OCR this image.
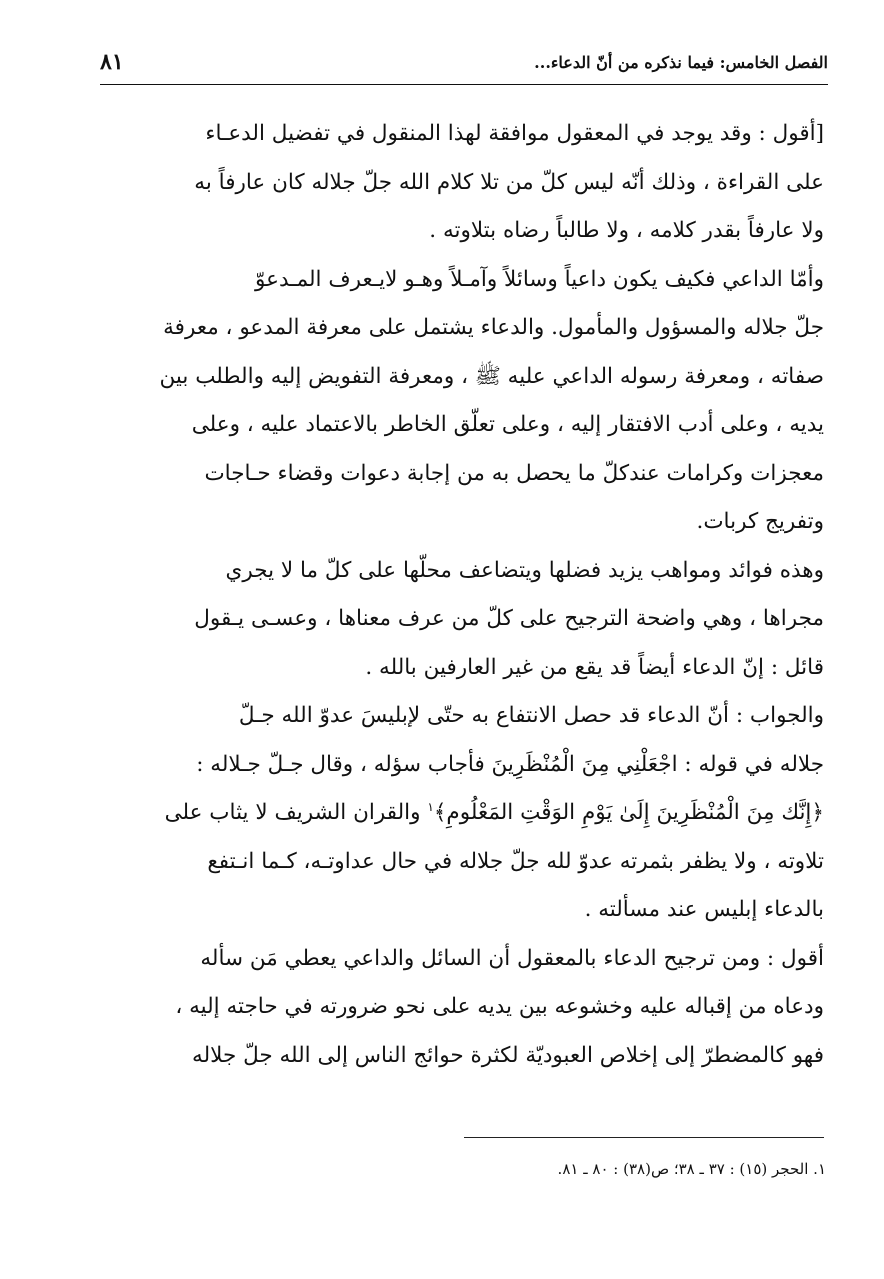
الفصل الخامس: فيما نذكره من أنّ الدعاء...
٨١
[أقول : وقد يوجد في المعقول موافقة لهذا المنقول في تفضيل الدعـاء
على القراءة ، وذلك أنّه ليس كلّ من تلا كلام الله جلّ جلاله كان عارفاً به
ولا عارفاً بقدر كلامه ، ولا طالباً رضاه بتلاوته .
وأمّا الداعي فكيف يكون داعياً وسائلاً وآمـلاً وهـو لايـعرف المـدعوّ
جلّ جلاله والمسؤول والمأمول. والدعاء يشتمل على معرفة المدعو ، معرفة
صفاته ، ومعرفة رسوله الداعي عليه ﷺ ، ومعرفة التفويض إليه والطلب بين
يديه ، وعلى أدب الافتقار إليه ، وعلى تعلّق الخاطر بالاعتماد عليه ، وعلى
معجزات وكرامات عندكلّ ما يحصل به من إجابة دعوات وقضاء حـاجات
وتفريج كربات.
وهذه فوائد ومواهب يزيد فضلها ويتضاعف محلّها على كلّ ما لا يجري
مجراها ، وهي واضحة الترجيح على كلّ من عرف معناها ، وعسـى يـقول
قائل : إنّ الدعاء أيضاً قد يقع من غير العارفين بالله .
والجواب : أنّ الدعاء قد حصل الانتفاع به حتّى لإبليسَ عدوّ الله جـلّ
جلاله في قوله : اجْعَلْنِي مِنَ الْمُنْظَرِينَ فأجاب سؤله ، وقال جـلّ جـلاله :
﴿إِنَّك مِنَ الْمُنْظَرِينَ إِلَىٰ يَوْمِ الوَقْتِ المَعْلُومِ﴾$^١$ والقران الشريف لا يثاب على
تلاوته ، ولا يظفر بثمرته عدوّ لله جلّ جلاله في حال عداوتـه، كـما انـتفع
بالدعاء إبليس عند مسألته .
أقول : ومن ترجيح الدعاء بالمعقول أن السائل والداعي يعطي مَن سأله
ودعاه من إقباله عليه وخشوعه بين يديه على نحو ضرورته في حاجته إليه ،
فهو كالمضطرّ إلى إخلاص العبوديّة لكثرة حوائج الناس إلى الله جلّ جلاله
١. الحجر (١٥) : ٣٧ ـ ٣٨؛ ص(٣٨) : ٨٠ ـ ٨١.
